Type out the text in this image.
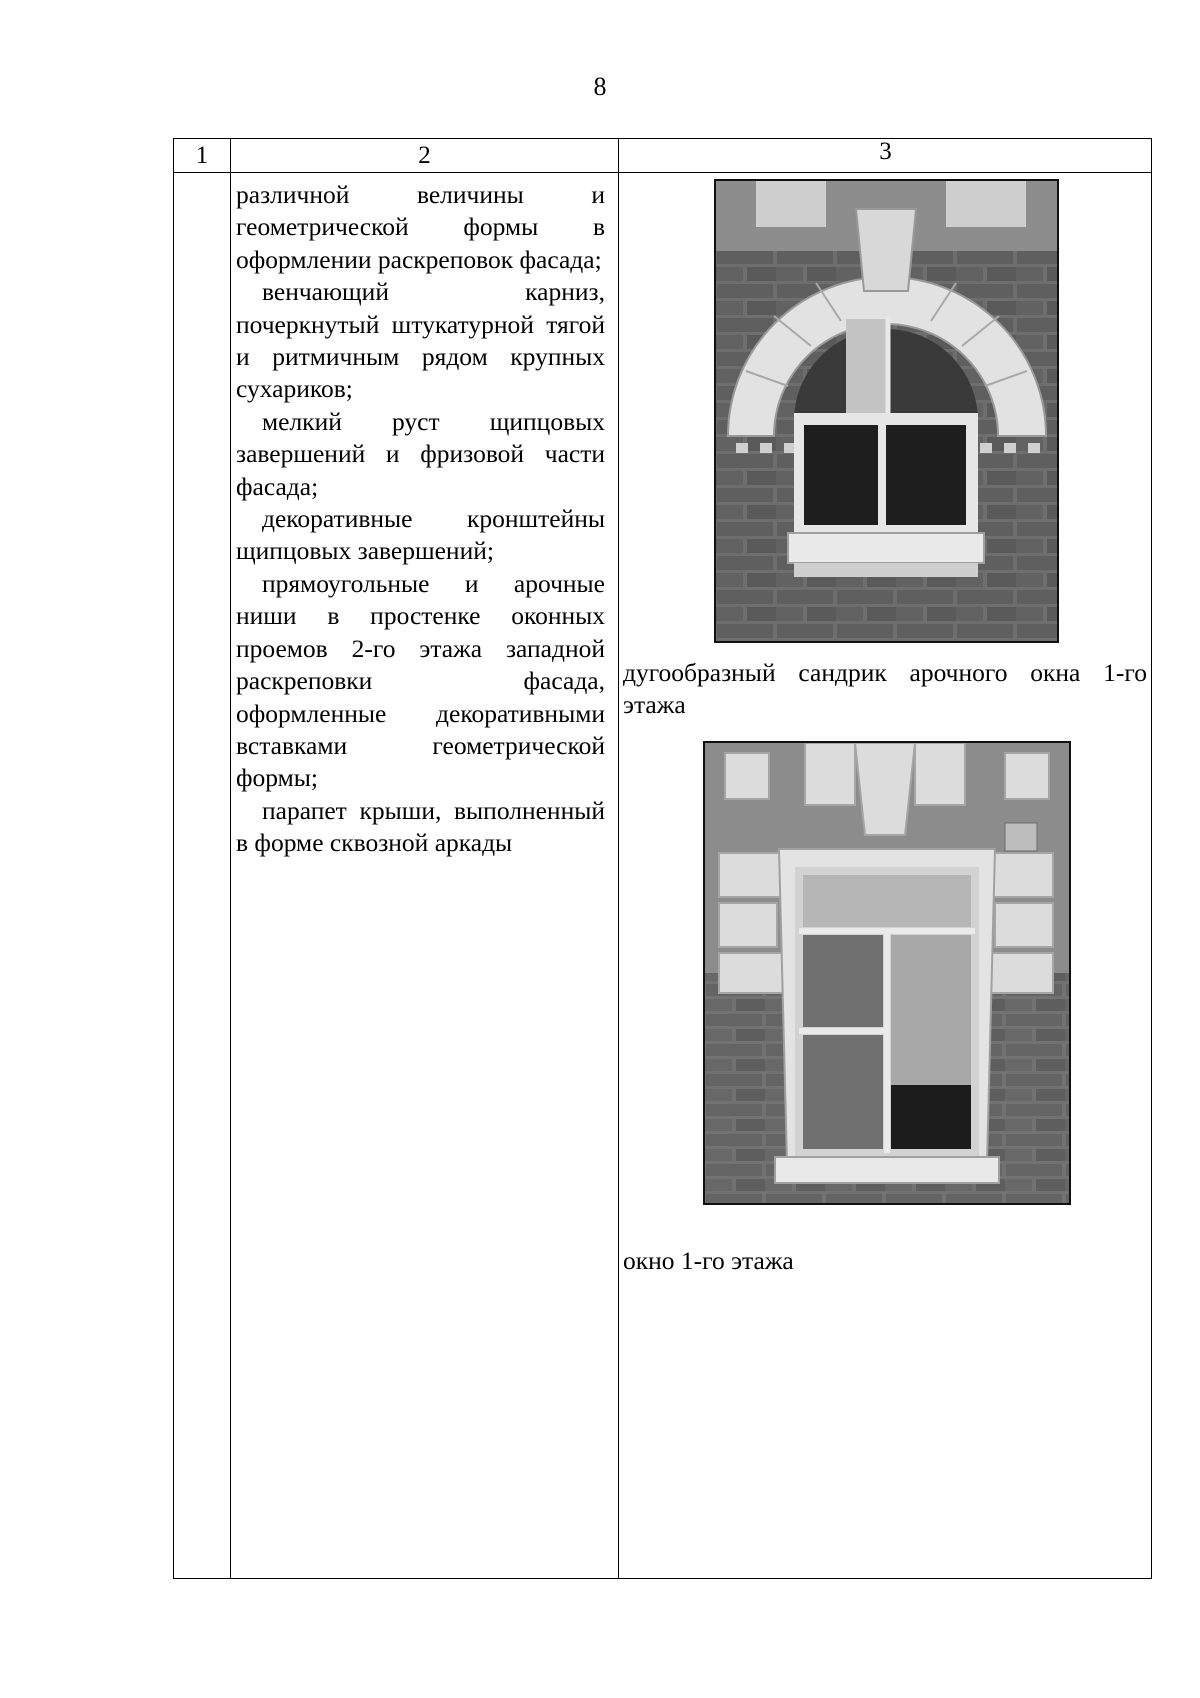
8
1	2	3

различной величины и геометрической формы в оформлении раскреповок фасада;

венчающий карниз, почеркнутый штукатурной тягой и ритмичным рядом крупных сухариков;

мелкий руст щипцовых завершений и фризовой части фасада;

декоративные кронштейны щипцовых завершений;

прямоугольные и арочные ниши в простенке оконных проемов 2-го этажа западной раскреповки фасада, оформленные декоративными вставками геометрической формы;

парапет крыши, выполненный в форме сквозной аркады

дугообразный сандрик арочного окна 1-го этажа
окно 1-го этажа
